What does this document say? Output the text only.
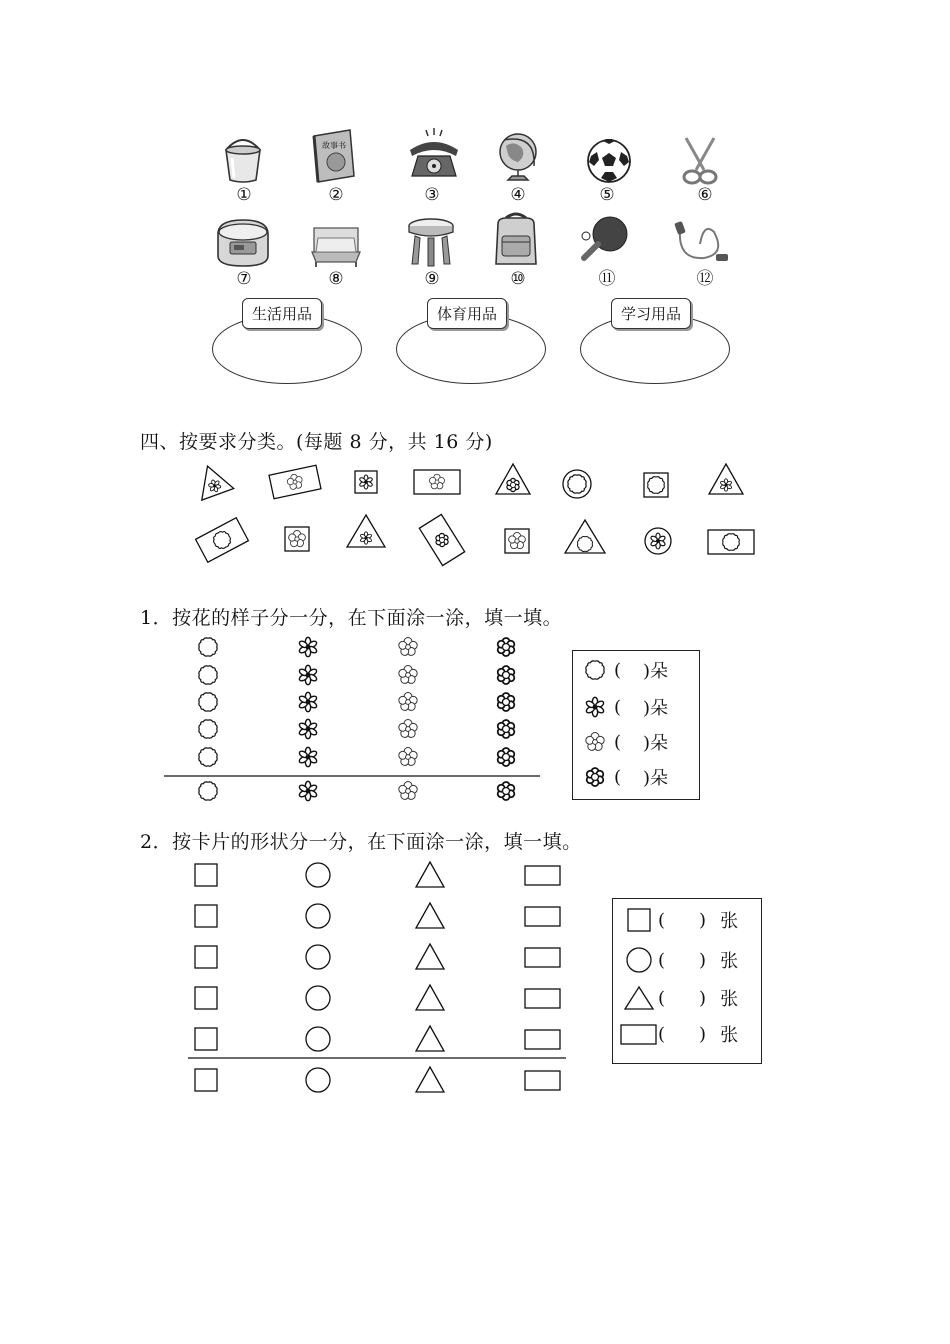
故事书
①	②	③	④	⑤	⑥
⑦	⑧	⑨	⑩	⑪	⑫
生活用品	体育用品	学习用品
四、按要求分类。(每题 8 分，共 16 分)
1．按花的样子分一分，在下面涂一涂，填一填。
( )朵
( )朵
( )朵
( )朵
2．按卡片的形状分一分，在下面涂一涂，填一填。
( ) 张
( ) 张
( ) 张
( ) 张
